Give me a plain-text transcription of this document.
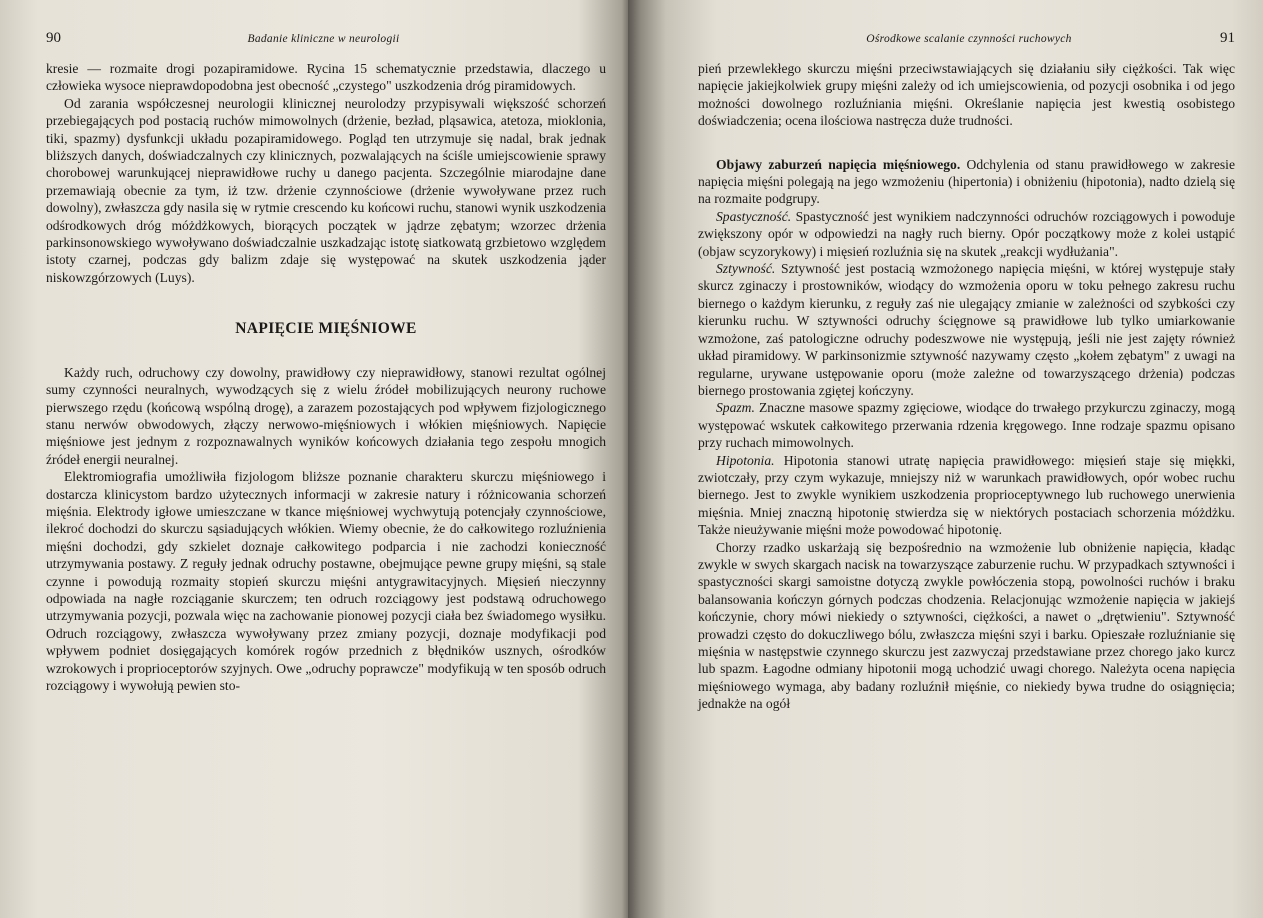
90	Badanie kliniczne w neurologii

kresie — rozmaite drogi pozapiramidowe. Rycina 15 schematycznie przedstawia, dlaczego u człowieka wysoce nieprawdopodobna jest obecność „czystego" uszkodzenia dróg piramidowych.

Od zarania współczesnej neurologii klinicznej neurolodzy przypisywali większość schorzeń przebiegających pod postacią ruchów mimowolnych (drżenie, bezład, pląsawica, atetoza, mioklonia, tiki, spazmy) dysfunkcji układu pozapiramidowego. Pogląd ten utrzymuje się nadal, brak jednak bliższych danych, doświadczalnych czy klinicznych, pozwalających na ściśle umiejscowienie sprawy chorobowej warunkującej nieprawidłowe ruchy u danego pacjenta. Szczególnie miarodajne dane przemawiają obecnie za tym, iż tzw. drżenie czynnościowe (drżenie wywoływane przez ruch dowolny), zwłaszcza gdy nasila się w rytmie crescendo ku końcowi ruchu, stanowi wynik uszkodzenia odśrodkowych dróg móżdżkowych, biorących początek w jądrze zębatym; wzorzec drżenia parkinsonowskiego wywoływano doświadczalnie uszkadzając istotę siatkowatą grzbietowo względem istoty czarnej, podczas gdy balizm zdaje się występować na skutek uszkodzenia jąder niskowzgórzowych (Luys).

NAPIĘCIE MIĘŚNIOWE

Każdy ruch, odruchowy czy dowolny, prawidłowy czy nieprawidłowy, stanowi rezultat ogólnej sumy czynności neuralnych, wywodzących się z wielu źródeł mobilizujących neurony ruchowe pierwszego rzędu (końcową wspólną drogę), a zarazem pozostających pod wpływem fizjologicznego stanu nerwów obwodowych, złączy nerwowo-mięśniowych i włókien mięśniowych. Napięcie mięśniowe jest jednym z rozpoznawalnych wyników końcowych działania tego zespołu mnogich źródeł energii neuralnej.

Elektromiografia umożliwiła fizjologom bliższe poznanie charakteru skurczu mięśniowego i dostarcza klinicystom bardzo użytecznych informacji w zakresie natury i różnicowania schorzeń mięśnia. Elektrody igłowe umieszczane w tkance mięśniowej wychwytują potencjały czynnościowe, ilekroć dochodzi do skurczu sąsiadujących włókien. Wiemy obecnie, że do całkowitego rozluźnienia mięśni dochodzi, gdy szkielet doznaje całkowitego podparcia i nie zachodzi konieczność utrzymywania postawy. Z reguły jednak odruchy postawne, obejmujące pewne grupy mięśni, są stale czynne i powodują rozmaity stopień skurczu mięśni antygrawitacyjnych. Mięsień nieczynny odpowiada na nagłe rozciąganie skurczem; ten odruch rozciągowy jest podstawą odruchowego utrzymywania pozycji, pozwala więc na zachowanie pionowej pozycji ciała bez świadomego wysiłku. Odruch rozciągowy, zwłaszcza wywoływany przez zmiany pozycji, doznaje modyfikacji pod wpływem podniet dosięgających komórek rogów przednich z błędników usznych, ośrodków wzrokowych i proprioceptorów szyjnych. Owe „odruchy poprawcze" modyfikują w ten sposób odruch rozciągowy i wywołują pewien sto-

Ośrodkowe scalanie czynności ruchowych	91

pień przewlekłego skurczu mięśni przeciwstawiających się działaniu siły ciężkości. Tak więc napięcie jakiejkolwiek grupy mięśni zależy od ich umiejscowienia, od pozycji osobnika i od jego możności dowolnego rozluźniania mięśni. Określanie napięcia jest kwestią osobistego doświadczenia; ocena ilościowa nastręcza duże trudności.

Objawy zaburzeń napięcia mięśniowego. Odchylenia od stanu prawidłowego w zakresie napięcia mięśni polegają na jego wzmożeniu (hipertonia) i obniżeniu (hipotonia), nadto dzielą się na rozmaite podgrupy.

Spastyczność. Spastyczność jest wynikiem nadczynności odruchów rozciągowych i powoduje zwiększony opór w odpowiedzi na nagły ruch bierny. Opór początkowy może z kolei ustąpić (objaw scyzorykowy) i mięsień rozluźnia się na skutek „reakcji wydłużania".

Sztywność. Sztywność jest postacią wzmożonego napięcia mięśni, w której występuje stały skurcz zginaczy i prostowników, wiodący do wzmożenia oporu w toku pełnego zakresu ruchu biernego o każdym kierunku, z reguły zaś nie ulegający zmianie w zależności od szybkości czy kierunku ruchu. W sztywności odruchy ścięgnowe są prawidłowe lub tylko umiarkowanie wzmożone, zaś patologiczne odruchy podeszwowe nie występują, jeśli nie jest zajęty również układ piramidowy. W parkinsonizmie sztywność nazywamy często „kołem zębatym" z uwagi na regularne, urywane ustępowanie oporu (może zależne od towarzyszącego drżenia) podczas biernego prostowania zgiętej kończyny.

Spazm. Znaczne masowe spazmy zgięciowe, wiodące do trwałego przykurczu zginaczy, mogą występować wskutek całkowitego przerwania rdzenia kręgowego. Inne rodzaje spazmu opisano przy ruchach mimowolnych.

Hipotonia. Hipotonia stanowi utratę napięcia prawidłowego: mięsień staje się miękki, zwiotczały, przy czym wykazuje, mniejszy niż w warunkach prawidłowych, opór wobec ruchu biernego. Jest to zwykle wynikiem uszkodzenia proprioceptywnego lub ruchowego unerwienia mięśnia. Mniej znaczną hipotonię stwierdza się w niektórych postaciach schorzenia móżdżku. Także nieużywanie mięśni może powodować hipotonię.

Chorzy rzadko uskarżają się bezpośrednio na wzmożenie lub obniżenie napięcia, kładąc zwykle w swych skargach nacisk na towarzyszące zaburzenie ruchu. W przypadkach sztywności i spastyczności skargi samoistne dotyczą zwykle powłóczenia stopą, powolności ruchów i braku balansowania kończyn górnych podczas chodzenia. Relacjonując wzmożenie napięcia w jakiejś kończynie, chory mówi niekiedy o sztywności, ciężkości, a nawet o „drętwieniu". Sztywność prowadzi często do dokuczliwego bólu, zwłaszcza mięśni szyi i barku. Opieszałe rozluźnianie się mięśnia w następstwie czynnego skurczu jest zazwyczaj przedstawiane przez chorego jako kurcz lub spazm. Łagodne odmiany hipotonii mogą uchodzić uwagi chorego. Należyta ocena napięcia mięśniowego wymaga, aby badany rozluźnił mięśnie, co niekiedy bywa trudne do osiągnięcia; jednakże na ogół
